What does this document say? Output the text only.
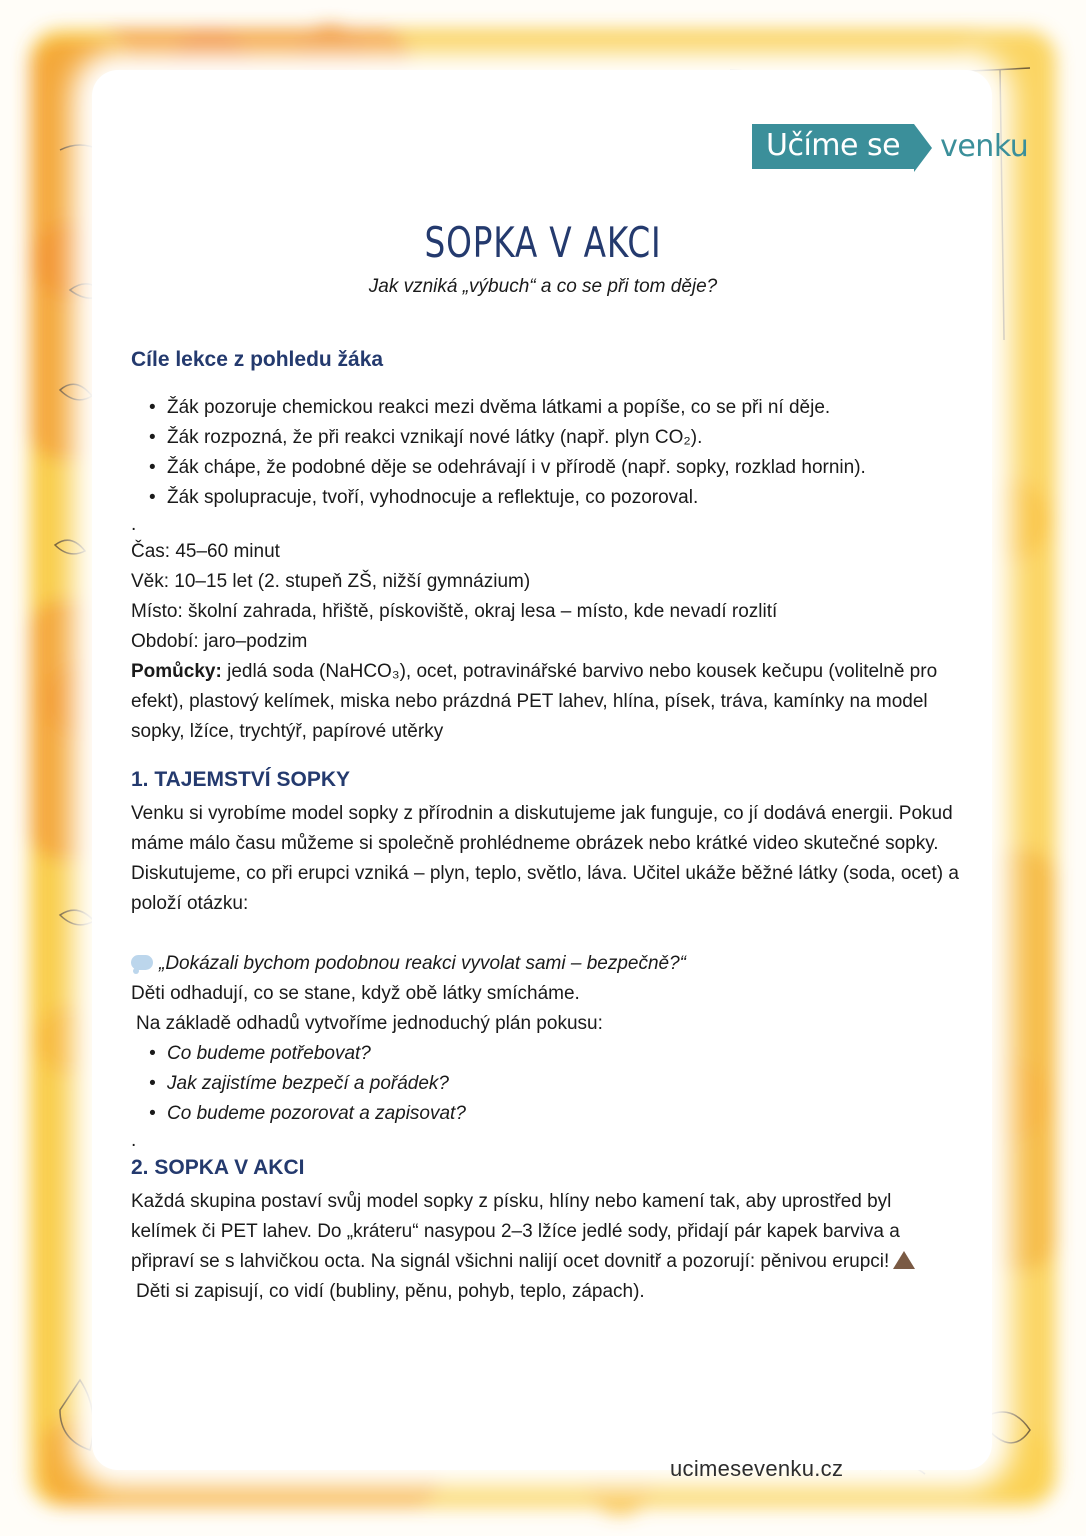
Učíme se	venku
SOPKA V AKCI
Jak vzniká „výbuch“ a co se při tom děje?
Cíle lekce z pohledu žáka
• Žák pozoruje chemickou reakci mezi dvěma látkami a popíše, co se při ní děje.
• Žák rozpozná, že při reakci vznikají nové látky (např. plyn CO₂).
• Žák chápe, že podobné děje se odehrávají i v přírodě (např. sopky, rozklad hornin).
• Žák spolupracuje, tvoří, vyhodnocuje a reflektuje, co pozoroval.
.
Čas: 45–60 minut
Věk: 10–15 let (2. stupeň ZŠ, nižší gymnázium)
Místo: školní zahrada, hřiště, pískoviště, okraj lesa – místo, kde nevadí rozlití
Období: jaro–podzim
Pomůcky: jedlá soda (NaHCO₃), ocet, potravinářské barvivo nebo kousek kečupu (volitelně pro efekt), plastový kelímek, miska nebo prázdná PET lahev, hlína, písek, tráva, kamínky na model sopky, lžíce, trychtýř, papírové utěrky
1. TAJEMSTVÍ SOPKY
Venku si vyrobíme model sopky z přírodnin a diskutujeme jak funguje, co jí dodává energii. Pokud máme málo času můžeme si společně prohlédneme obrázek nebo krátké video skutečné sopky. Diskutujeme, co při erupci vzniká – plyn, teplo, světlo, láva. Učitel ukáže běžné látky (soda, ocet) a položí otázku:
„Dokázali bychom podobnou reakci vyvolat sami – bezpečně?“
Děti odhadují, co se stane, když obě látky smícháme.
Na základě odhadů vytvoříme jednoduchý plán pokusu:
• Co budeme potřebovat?
• Jak zajistíme bezpečí a pořádek?
• Co budeme pozorovat a zapisovat?
.
2. SOPKA V AKCI
Každá skupina postaví svůj model sopky z písku, hlíny nebo kamení tak, aby uprostřed byl kelímek či PET lahev. Do „kráteru“ nasypou 2–3 lžíce jedlé sody, přidají pár kapek barviva a připraví se s lahvičkou octa. Na signál všichni nalijí ocet dovnitř a pozorují: pěnivou erupci!
Děti si zapisují, co vidí (bubliny, pěnu, pohyb, teplo, zápach).
ucimesevenku.cz
